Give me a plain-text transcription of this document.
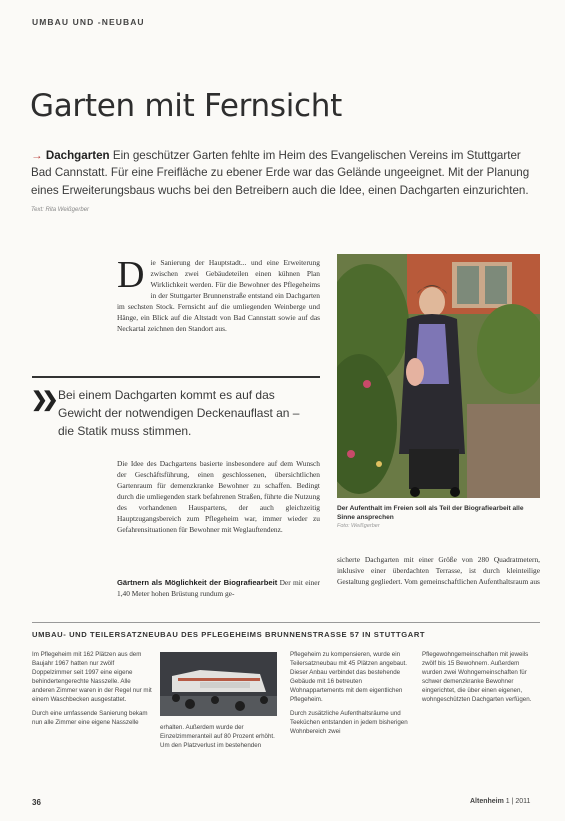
UMBAU UND -NEUBAU
Garten mit Fernsicht

→ Dachgarten Ein geschützer Garten fehlte im Heim des Evangelischen Vereins im Stuttgarter Bad Cannstatt. Für eine Freifläche zu ebener Erde war das Gelände ungeeignet. Mit der Planung eines Erweiterungsbaus wuchs bei den Betreibern auch die Idee, einen Dachgarten einzurichten. Text: Rita Weißgerber

D ie Sanierung der Hauptstadt... und eine Erweiterung zwischen zwei Gebäudeteilen einen kühnen Plan Wirklichkeit werden. Für die Bewohner des Pflegeheims in der Stuttgarter Brunnenstraße entstand ein Dachgarten im sechsten Stock. Fernsicht auf die umliegenden Weinberge und Hänge, ein Blick auf die Altstadt von Bad Cannstatt sowie auf das Neckartal zeichnen den Standort aus.
❯❯ Bei einem Dachgarten kommt es auf das Gewicht der notwendigen Deckenauflast an – die Statik muss stimmen.
Die Idee des Dachgartens basierte insbesondere auf dem Wunsch der Geschäftsführung, einen geschlossenen, übersichtlichen Gartenraum für demenzkranke Bewohner zu schaffen. Bedingt durch die umliegenden stark befahrenen Straßen, führte die Nutzung des vorhandenen Hauspartens, der auch gleichzeitig Hauptzugangsbereich zum Pflegeheim war, immer wieder zu Gefahrensituationen für Bewohner mit Weglauftendenz.
Gärtnern als Möglichkeit der Biografiearbeit Der mit einer 1,40 Meter hohen Brüstung rundum ge-
Der Aufenthalt im Freien soll als Teil der Biografiearbeit alle Sinne ansprechen
Foto: Weißgerber
sicherte Dachgarten mit einer Größe von 280 Quadratmetern, inklusive einer überdachten Terrasse, ist durch kleinteilige Gestaltung gegliedert. Vom gemeinschaftlichen Aufenthaltsraum aus
UMBAU- UND TEILERSATZNEUBAU DES PFLEGEHEIMS BRUNNENSTRASSE 57 IN STUTTGART
Im Pflegeheim mit 162 Plätzen aus dem Baujahr 1967 hatten nur zwölf Doppelzimmer seit 1997 eine eigene behindertengerechte Nasszelle. Alle anderen Zimmer waren in der Regel nur mit einem Waschbecken ausgestattet.
Durch eine umfassende Sanierung bekam nun alle Zimmer eine eigene Nasszelle
erhalten. Außerdem wurde der Einzelzimmeranteil auf 80 Prozent erhöht. Um den Platzverlust im bestehenden
Pflegeheim zu kompensieren, wurde ein Teilersatzneubau mit 45 Plätzen angebaut. Dieser Anbau verbindet das bestehende Gebäude mit 16 betreuten Wohnappartements mit dem eigentlichen Pflegeheim.
Durch zusätzliche Aufenthaltsräume und Teeküchen entstanden in jedem bisherigen Wohnbereich zwei
Pflegewohngemeinschaften mit jeweils zwölf bis 15 Bewohnern. Außerdem wurden zwei Wohngemeinschaften für schwer demenzkranke Bewohner eingerichtet, die über einen eigenen, wohngeschützten Dachgarten verfügen.
36	Altenheim 1 | 2011
